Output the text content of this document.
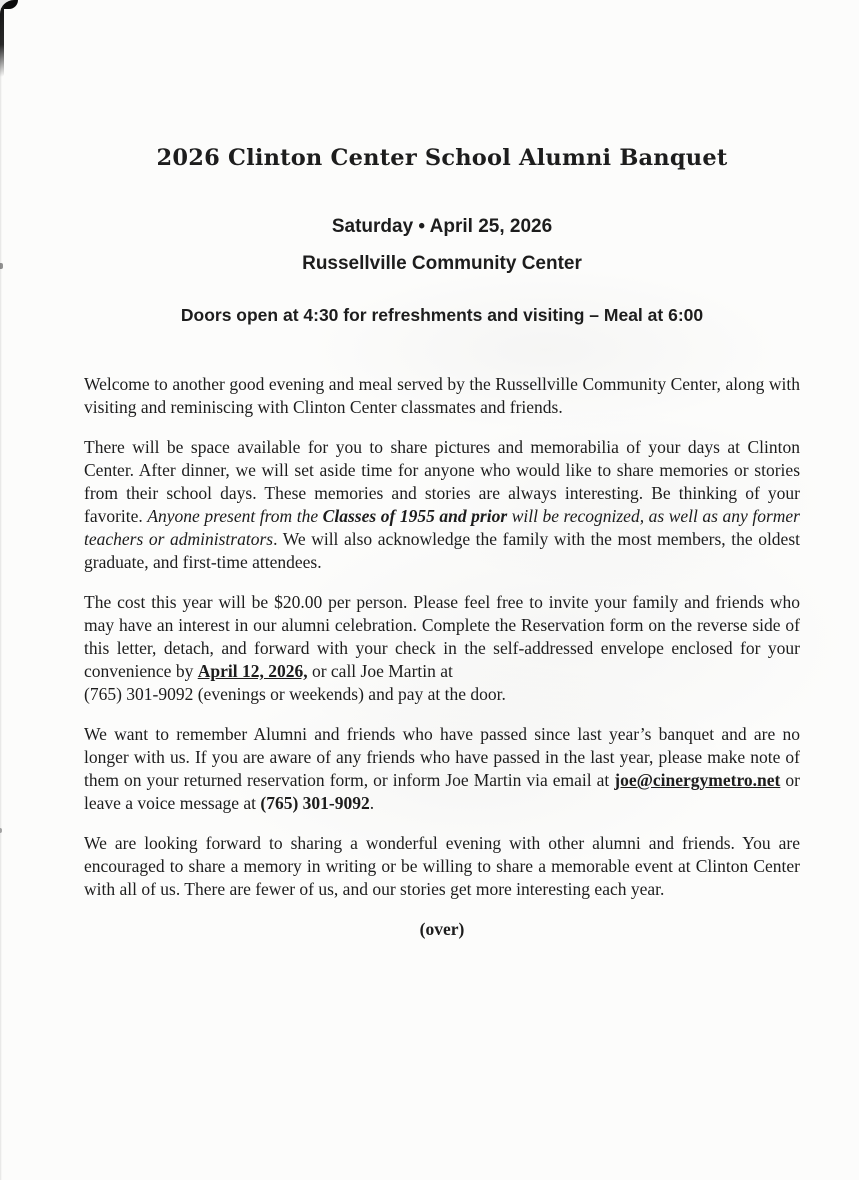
2026 Clinton Center School Alumni Banquet
Saturday • April 25, 2026
Russellville Community Center
Doors open at 4:30 for refreshments and visiting – Meal at 6:00

Welcome to another good evening and meal served by the Russellville Community Center, along with visiting and reminiscing with Clinton Center classmates and friends.

There will be space available for you to share pictures and memorabilia of your days at Clinton Center. After dinner, we will set aside time for anyone who would like to share memories or stories from their school days. These memories and stories are always interesting. Be thinking of your favorite. Anyone present from the Classes of 1955 and prior will be recognized, as well as any former teachers or administrators. We will also acknowledge the family with the most members, the oldest graduate, and first-time attendees.

The cost this year will be $20.00 per person. Please feel free to invite your family and friends who may have an interest in our alumni celebration. Complete the Reservation form on the reverse side of this letter, detach, and forward with your check in the self-addressed envelope enclosed for your convenience by April 12, 2026, or call Joe Martin at
(765) 301-9092 (evenings or weekends) and pay at the door.

We want to remember Alumni and friends who have passed since last year’s banquet and are no longer with us. If you are aware of any friends who have passed in the last year, please make note of them on your returned reservation form, or inform Joe Martin via email at joe@cinergymetro.net or leave a voice message at (765) 301-9092.

We are looking forward to sharing a wonderful evening with other alumni and friends. You are encouraged to share a memory in writing or be willing to share a memorable event at Clinton Center with all of us. There are fewer of us, and our stories get more interesting each year.

(over)
